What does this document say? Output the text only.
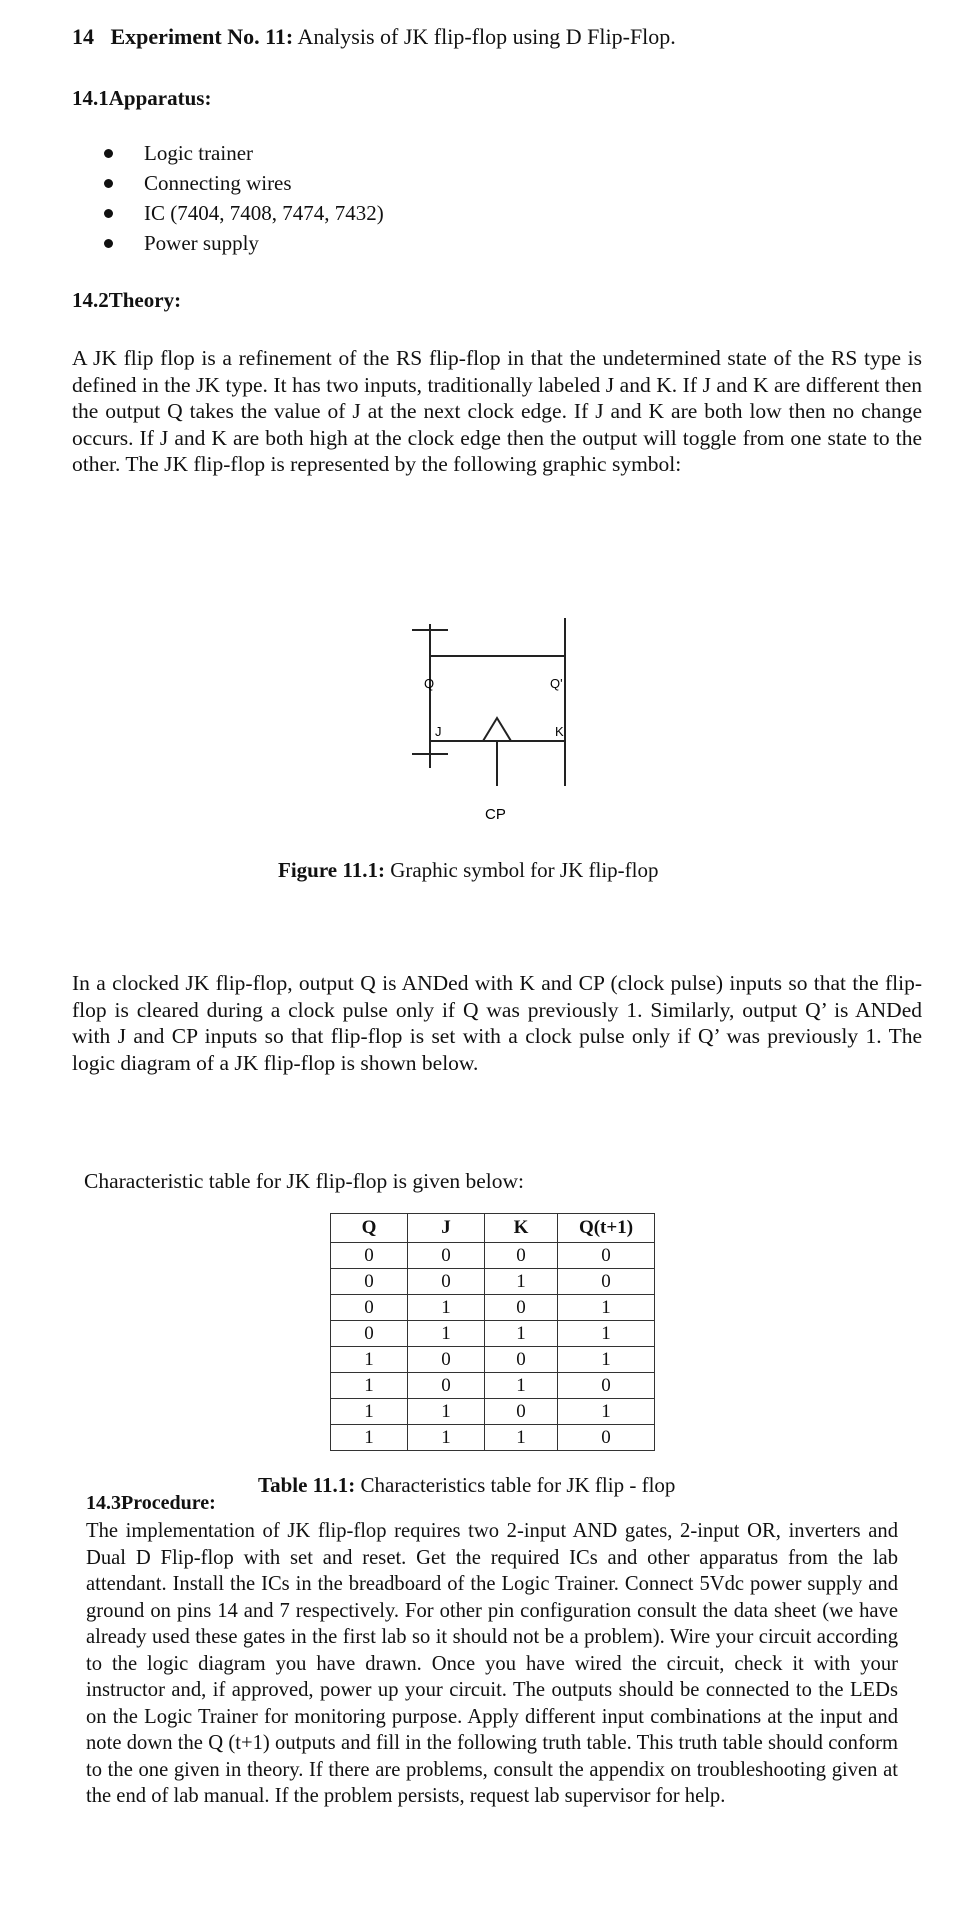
14 Experiment No. 11: Analysis of JK flip-flop using D Flip-Flop.
14.1Apparatus:
Logic trainer
Connecting wires
IC (7404, 7408, 7474, 7432)
Power supply
14.2Theory:
A JK flip flop is a refinement of the RS flip-flop in that the undetermined state of the RS type is defined in the JK type. It has two inputs, traditionally labeled J and K. If J and K are different then the output Q takes the value of J at the next clock edge. If J and K are both low then no change occurs. If J and K are both high at the clock edge then the output will toggle from one state to the other. The JK flip-flop is represented by the following graphic symbol:
Q	Q'
J	K
CP
Figure 11.1: Graphic symbol for JK flip-flop
In a clocked JK flip-flop, output Q is ANDed with K and CP (clock pulse) inputs so that the flip-flop is cleared during a clock pulse only if Q was previously 1. Similarly, output Q’ is ANDed with J and CP inputs so that flip-flop is set with a clock pulse only if Q’ was previously 1. The logic diagram of a JK flip-flop is shown below.
Characteristic table for JK flip-flop is given below:
Q	J	K	Q(t+1)
0	0	0	0
0	0	1	0
0	1	0	1
0	1	1	1
1	0	0	1
1	0	1	0
1	1	0	1
1	1	1	0
Table 11.1: Characteristics table for JK flip - flop
14.3Procedure:
The implementation of JK flip-flop requires two 2-input AND gates, 2-input OR, inverters and Dual D Flip-flop with set and reset. Get the required ICs and other apparatus from the lab attendant. Install the ICs in the breadboard of the Logic Trainer. Connect 5Vdc power supply and ground on pins 14 and 7 respectively. For other pin configuration consult the data sheet (we have already used these gates in the first lab so it should not be a problem). Wire your circuit according to the logic diagram you have drawn. Once you have wired the circuit, check it with your instructor and, if approved, power up your circuit. The outputs should be connected to the LEDs on the Logic Trainer for monitoring purpose. Apply different input combinations at the input and note down the Q (t+1) outputs and fill in the following truth table. This truth table should conform to the one given in theory. If there are problems, consult the appendix on troubleshooting given at the end of lab manual. If the problem persists, request lab supervisor for help.
